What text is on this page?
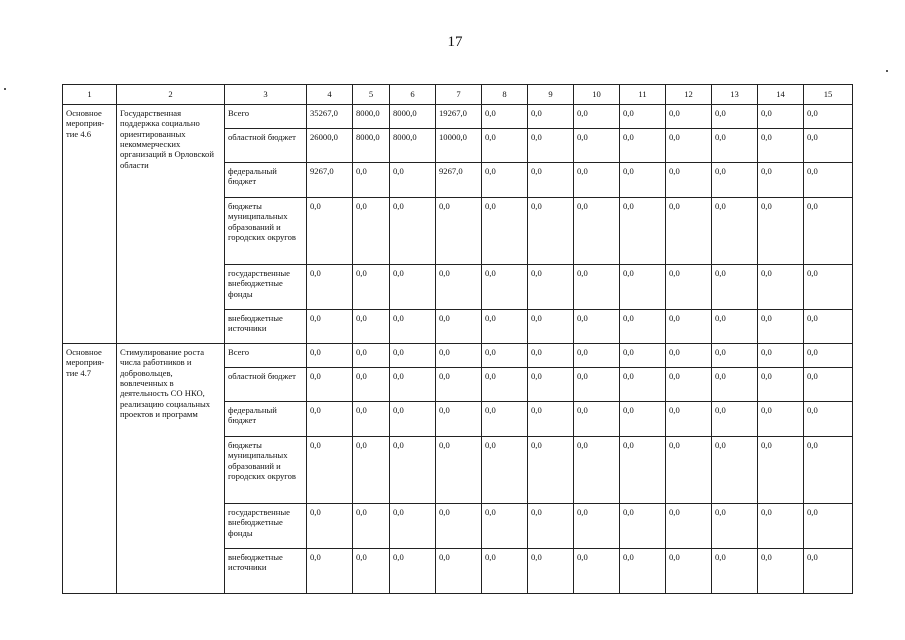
17
1	2	3	4	5	6	7	8	9	10	11	12	13	14	15
Основное мероприя-тие 4.6	Государственная поддержка социально ориентированных некоммерческих организаций в Орловской области	Всего	35267,0	8000,0	8000,0	19267,0	0,0	0,0	0,0	0,0	0,0	0,0	0,0	0,0
		областной бюджет	26000,0	8000,0	8000,0	10000,0	0,0	0,0	0,0	0,0	0,0	0,0	0,0	0,0
		федеральный бюджет	9267,0	0,0	0,0	9267,0	0,0	0,0	0,0	0,0	0,0	0,0	0,0	0,0
		бюджеты муниципальных образований и городских округов	0,0	0,0	0,0	0,0	0,0	0,0	0,0	0,0	0,0	0,0	0,0	0,0
		государственные внебюджетные фонды	0,0	0,0	0,0	0,0	0,0	0,0	0,0	0,0	0,0	0,0	0,0	0,0
		внебюджетные источники	0,0	0,0	0,0	0,0	0,0	0,0	0,0	0,0	0,0	0,0	0,0	0,0
Основное мероприя-тие 4.7	Стимулирование роста числа работников и добровольцев, вовлеченных в деятельность СО НКО, реализацию социальных проектов и программ	Всего	0,0	0,0	0,0	0,0	0,0	0,0	0,0	0,0	0,0	0,0	0,0	0,0
		областной бюджет	0,0	0,0	0,0	0,0	0,0	0,0	0,0	0,0	0,0	0,0	0,0	0,0
		федеральный бюджет	0,0	0,0	0,0	0,0	0,0	0,0	0,0	0,0	0,0	0,0	0,0	0,0
		бюджеты муниципальных образований и городских округов	0,0	0,0	0,0	0,0	0,0	0,0	0,0	0,0	0,0	0,0	0,0	0,0
		государственные внебюджетные фонды	0,0	0,0	0,0	0,0	0,0	0,0	0,0	0,0	0,0	0,0	0,0	0,0
		внебюджетные источники	0,0	0,0	0,0	0,0	0,0	0,0	0,0	0,0	0,0	0,0	0,0	0,0
